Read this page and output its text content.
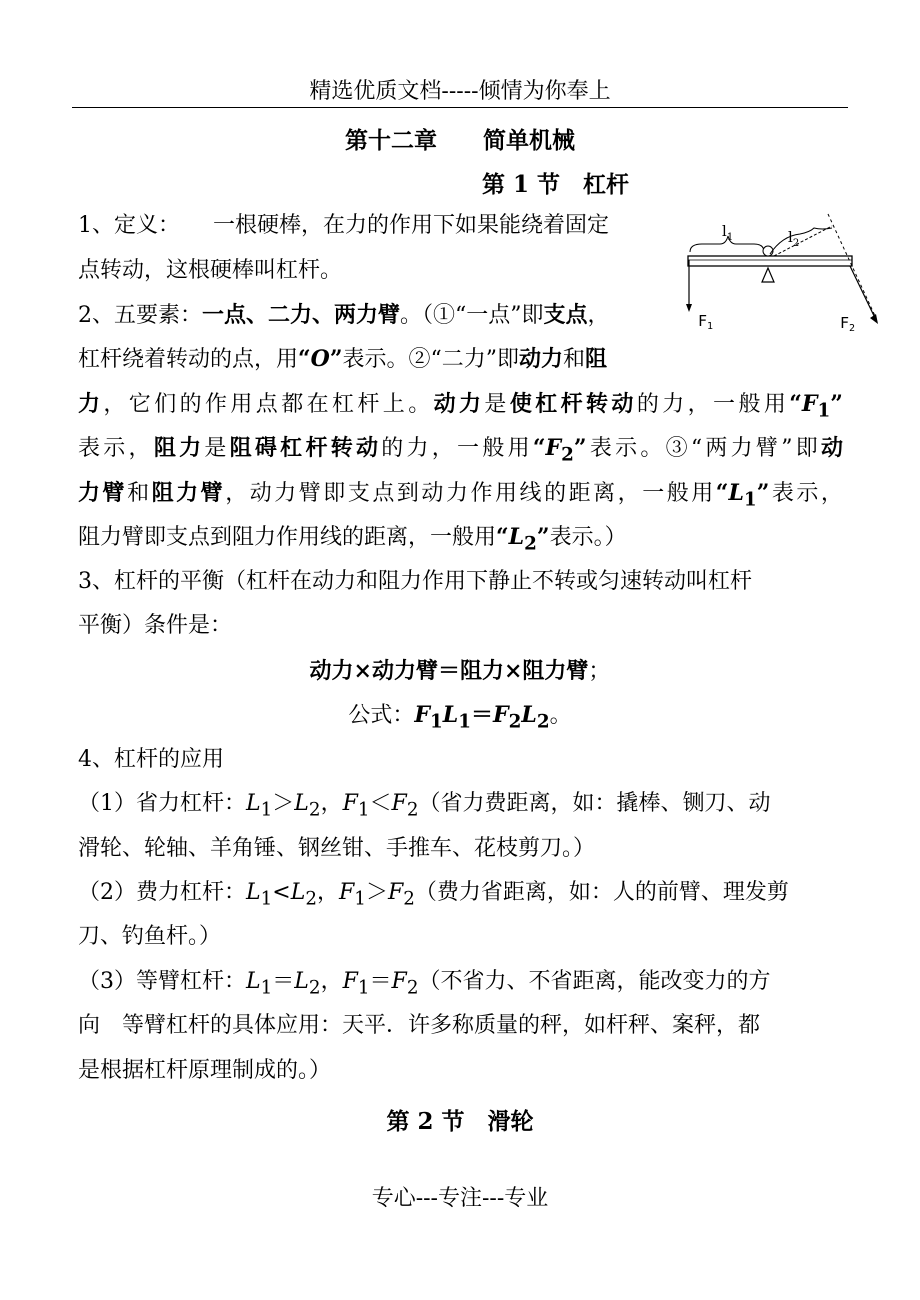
精选优质文档-----倾情为你奉上
第十二章　　简单机械
第 1 节　杠杆
$l_1$	$l_2$
$F_1$	$F_2$
1、定义：　　一根硬棒，在力的作用下如果能绕着固定
点转动，这根硬棒叫杠杆。
2、五要素：一点、二力、两力臂。（①“一点”即支点，
杠杆绕着转动的点，用“O”表示。②“二力”即动力和阻
力，它们的作用点都在杠杆上。动力是使杠杆转动的力，一般用“$F_1$”
表示，阻力是阻碍杠杆转动的力，一般用“$F_2$”表示。③“两力臂”即动
力臂和阻力臂，动力臂即支点到动力作用线的距离，一般用“$L_1$”表示，
阻力臂即支点到阻力作用线的距离，一般用“$L_2$”表示。）
3、杠杆的平衡（杠杆在动力和阻力作用下静止不转或匀速转动叫杠杆
平衡）条件是：
动力×动力臂＝阻力×阻力臂；
公式：$F_1L_1=F_2L_2$。
4、杠杆的应用
（1）省力杠杆：$L_1>L_2$，$F_1<F_2$（省力费距离，如：撬棒、铡刀、动
滑轮、轮轴、羊角锤、钢丝钳、手推车、花枝剪刀。）
（2）费力杠杆：$L_1<L_2$，$F_1>F_2$（费力省距离，如：人的前臂、理发剪
刀、钓鱼杆。）
（3）等臂杠杆：$L_1=L_2$，$F_1=F_2$（不省力、不省距离，能改变力的方
向　等臂杠杆的具体应用：天平．许多称质量的秤，如杆秤、案秤，都
是根据杠杆原理制成的。）
第 2 节　滑轮
专心---专注---专业
